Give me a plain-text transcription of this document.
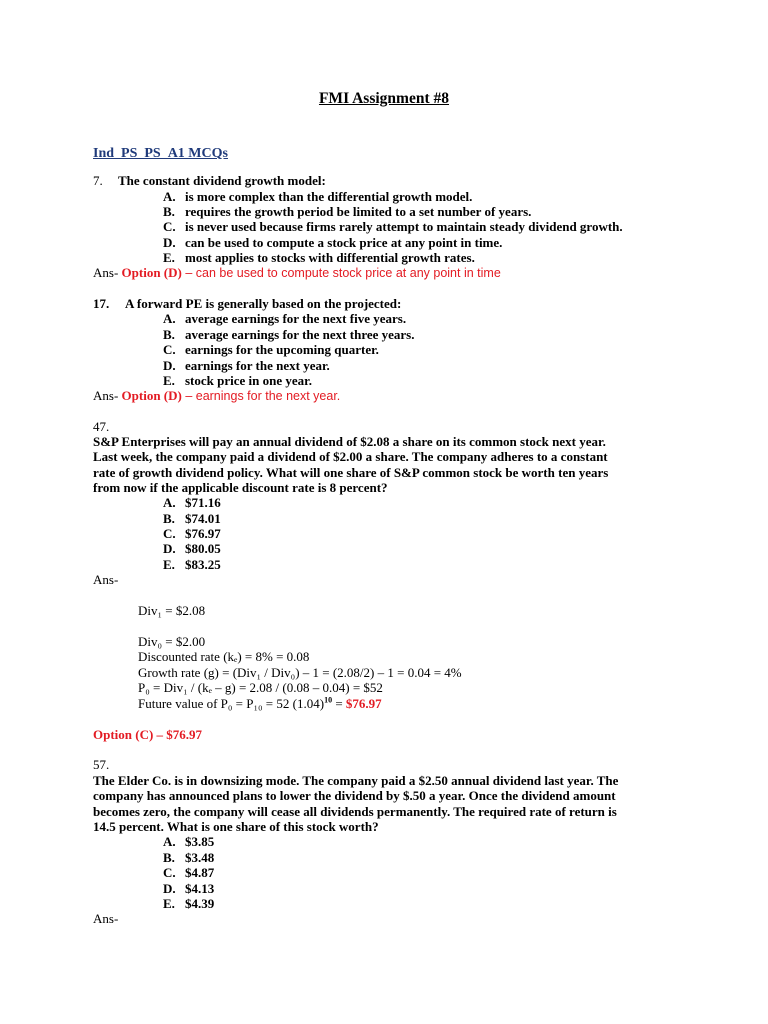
FMI Assignment #8
Ind_PS_PS_A1 MCQs
7. The constant dividend growth model:
A. is more complex than the differential growth model.
B. requires the growth period be limited to a set number of years.
C. is never used because firms rarely attempt to maintain steady dividend growth.
D. can be used to compute a stock price at any point in time.
E. most applies to stocks with differential growth rates.
Ans- Option (D) – can be used to compute stock price at any point in time
17. A forward PE is generally based on the projected:
A. average earnings for the next five years.
B. average earnings for the next three years.
C. earnings for the upcoming quarter.
D. earnings for the next year.
E. stock price in one year.
Ans- Option (D) – earnings for the next year.
47.
S&P Enterprises will pay an annual dividend of $2.08 a share on its common stock next year.
Last week, the company paid a dividend of $2.00 a share. The company adheres to a constant
rate of growth dividend policy. What will one share of S&P common stock be worth ten years
from now if the applicable discount rate is 8 percent?
A. $71.16
B. $74.01
C. $76.97
D. $80.05
E. $83.25
Ans-
Div₁ = $2.08
Div₀ = $2.00
Discounted rate (kₑ) = 8% = 0.08
Growth rate (g) = (Div₁ / Div₀) – 1 = (2.08/2) – 1 = 0.04 = 4%
P₀ = Div₁ / (kₑ – g) = 2.08 / (0.08 – 0.04) = $52
Future value of P₀ = P₁₀ = 52 $(1.04)^{10}$ = $76.97
Option (C) – $76.97
57.
The Elder Co. is in downsizing mode. The company paid a $2.50 annual dividend last year. The
company has announced plans to lower the dividend by $.50 a year. Once the dividend amount
becomes zero, the company will cease all dividends permanently. The required rate of return is
14.5 percent. What is one share of this stock worth?
A. $3.85
B. $3.48
C. $4.87
D. $4.13
E. $4.39
Ans-
